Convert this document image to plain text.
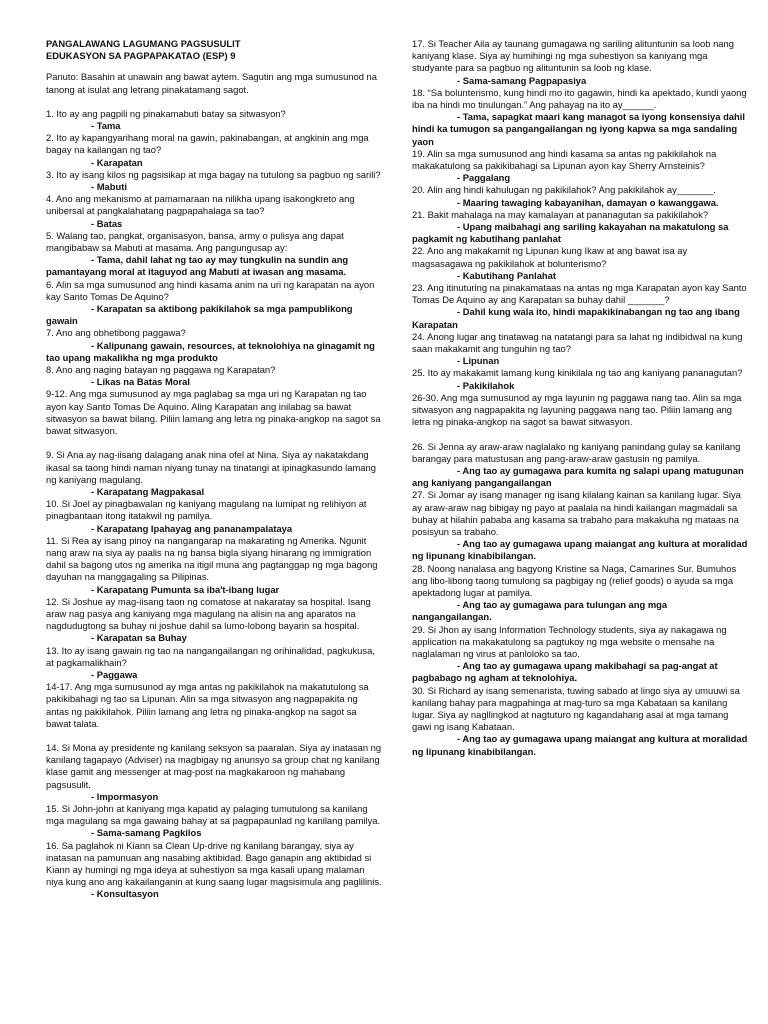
PANGALAWANG LAGUMANG PAGSUSULIT

EDUKASYON SA PAGPAPAKATAO (ESP) 9

Panuto: Basahin at unawain ang bawat aytem. Sagutin ang mga sumusunod na tanong at isulat ang letrang pinakatamang sagot.

1. Ito ay ang pagpili ng pinakamabuti batay sa sitwasyon?

- Tama

2. Ito ay kapangyarihang moral na gawin, pakinabangan, at angkinin ang mga bagay na kailangan ng tao?

- Karapatan

3. Ito ay isang kilos ng pagsisikap at mga bagay na tutulong sa pagbuo ng sarili?

- Mabuti

4. Ano ang mekanismo at pamamaraan na nilikha upang isakongkreto ang unibersal at pangkalahatang pagpapahalaga sa tao?

- Batas

5. Walang tao, pangkat, organisasyon, bansa, army o pulisya ang dapat mangibabaw sa Mabuti at masama. Ang pangungusap ay:

- Tama, dahil lahat ng tao ay may tungkulin na sundin ang pamantayang moral at itaguyod ang Mabuti at iwasan ang masama.

6. Alin sa mga sumusunod ang hindi kasama anim na uri ng karapatan na ayon kay Santo Tomas De Aquino?

- Karapatan sa aktibong pakikilahok sa mga pampublikong gawain

7. Ano ang obhetibong paggawa?

- Kalipunang gawain, resources, at teknolohiya na ginagamit ng tao upang makalikha ng mga produkto

8. Ano ang naging batayan ng paggawa ng Karapatan?

- Likas na Batas Moral

9-12. Ang mga sumusunod ay mga paglabag sa mga uri ng Karapatan ng tao ayon kay Santo Tomas De Aquino. Aling Karapatan ang inilabag sa bawat sitwasyon sa bawat bilang. Piliin lamang ang letra ng pinaka-angkop na sagot sa bawat sitwasyon.

9. Si Ana ay nag-iisang dalagang anak nina ofel at Nina. Siya ay nakatakdang ikasal sa taong hindi naman niyang tunay na tinatangi at ipinagkasundo lamang ng kaniyang magulang.

- Karapatang Magpakasal

10. Si Joel ay pinagbawalan ng kaniyang magulang na lumipat ng relihiyon at pinagbantaan itong itatakwil ng pamilya.

- Karapatang Ipahayag ang pananampalataya

11. Si Rea ay isang pinoy na nangangarap na makarating ng Amerika. Ngunit nang araw na siya ay paalis na ng bansa bigla siyang hinarang ng immigration dahil sa bagong utos ng amerika na itigil muna ang pagtanggap ng mga bagong dayuhan na manggagaling sa Pilipinas.

- Karapatang Pumunta sa iba't-ibang lugar

12. Si Joshue ay mag-iisang taon ng comatose at nakaratay sa hospital. Isang araw nag pasya ang kaniyang mga magulang na alisin na ang aparatos na nagdudugtong sa buhay ni joshue dahil sa lumo-lobong bayarin sa hospital.

- Karapatan sa Buhay

13. Ito ay isang gawain ng tao na nangangailangan ng orihinalidad, pagkukusa, at pagkamalikhain?

- Paggawa

14-17. Ang mga sumusunod ay mga antas ng pakikilahok na makatutulong sa pakikibahagi ng tao sa Lipunan. Alin sa mga sitwasyon ang nagpapakita ng antas ng pakikilahok. Piliin lamang ang letra ng pinaka-angkop na sagot sa bawat talata.

14. Si Mona ay presidente ng kanilang seksyon sa paaralan. Siya ay inatasan ng kanilang tagapayo (Adviser) na magbigay ng anunsyo sa group chat ng kanilang klase gamit ang messenger at mag-post na magkakaroon ng mahabang pagsusulit.

- Impormasyon

15. Si John-john at kaniyang mga kapatid ay palaging tumutulong sa kanilang mga magulang sa mga gawaing bahay at sa pagpapaunlad ng kanilang pamilya.

- Sama-samang Pagkilos

16. Sa paglahok ni Kiann sa Clean Up-drive ng kanilang barangay, siya ay inatasan na pamunuan ang nasabing aktibidad. Bago ganapin ang aktibidad si Kiann ay humingi ng mga ideya at suhestiyon sa mga kasali upang malaman niya kung ano ang kakailanganin at kung saang lugar magsisimula ang paglilinis.

- Konsultasyon

17. Si Teacher Aila ay taunang gumagawa ng sariling alituntunin sa loob nang kaniyang klase. Siya ay humihingi ng mga suhestiyon sa kaniyang mga studyante para sa pagbuo ng alituntunin sa loob ng klase.

- Sama-samang Pagpapasiya

18. “Sa bolunterismo, kung hindi mo ito gagawin, hindi ka apektado, kundi yaong iba na hindi mo tinulungan.” Ang pahayag na ito ay______.

- Tama, sapagkat maari kang managot sa iyong konsensiya dahil hindi ka tumugon sa pangangailangan ng iyong kapwa sa mga sandaling yaon

19. Alin sa mga sumusunod ang hindi kasama sa antas ng pakikilahok na makakatulong sa pakikibahagi sa Lipunan ayon kay Sherry Arnsteinis?

- Paggalang

20. Alin ang hindi kahulugan ng pakikilahok? Ang pakikilahok ay_______.

- Maaring tawaging kabayanihan, damayan o kawanggawa.

21. Bakit mahalaga na may kamalayan at pananagutan sa pakikilahok?

- Upang maibahagi ang sariling kakayahan na makatulong sa pagkamit ng kabutihang panlahat

22. Ano ang makakamit ng Lipunan kung Ikaw at ang bawat isa ay magsasagawa ng pakikilahok at bolunterismo?

- Kabutihang Panlahat

23. Ang itinuturing na pinakamataas na antas ng mga Karapatan ayon kay Santo Tomas De Aquino ay ang Karapatan sa buhay dahil _______?

- Dahil kung wala ito, hindi mapakikinabangan ng tao ang ibang Karapatan

24. Anong lugar ang tinatawag na natatangi para sa lahat ng indibidwal na kung saan makakamit ang tunguhin ng tao?

- Lipunan

25. Ito ay makakamit lamang kung kinikilala ng tao ang kaniyang pananagutan?

- Pakikilahok

26-30. Ang mga sumusunod ay mga layunin ng paggawa nang tao. Alin sa mga sitwasyon ang nagpapakita ng layuning paggawa nang tao. Piliin lamang ang letra ng pinaka-angkop na sagot sa bawat sitwasyon.

26. Si Jenna ay araw-araw naglalako ng kaniyang panindang gulay sa kanilang barangay para matustusan ang pang-araw-araw gastusin ng pamilya.

- Ang tao ay gumagawa para kumita ng salapi upang matugunan ang kaniyang pangangailangan

27. Si Jomar ay isang manager ng isang kilalang kainan sa kanilang lugar. Siya ay araw-araw nag bibigay ng payo at paalala na hindi kailangan magmadali sa buhay at hilahin pababa ang kasama sa trabaho para makakuha ng mataas na posisyun sa trabaho.

- Ang tao ay gumagawa upang maiangat ang kultura at moralidad ng lipunang kinabibilangan.

28. Noong nanalasa ang bagyong Kristine sa Naga, Camarines Sur. Bumuhos ang libo-libong taong tumulong sa pagbigay ng (relief goods) o ayuda sa mga apektadong lugar at pamilya.

- Ang tao ay gumagawa para tulungan ang mga nangangailangan.

29. Si Jhon ay isang Information Technology students, siya ay nakagawa ng application na makakatulong sa pagtukoy ng mga website o mensahe na naglalaman ng virus at panloloko sa tao.

- Ang tao ay gumagawa upang makibahagi sa pag-angat at pagbabago ng agham at teknolohiya.

30. Si Richard ay isang semenarista, tuwing sabado at lingo siya ay umuuwi sa kanilang bahay para magpahinga at mag-turo sa mga Kabataan sa kanilang lugar. Siya ay nagllingkod at nagtuturo ng kagandahang asal at mga tamang gawi ng isang Kabataan.

- Ang tao ay gumagawa upang maiangat ang kultura at moralidad ng lipunang kinabibilangan.
